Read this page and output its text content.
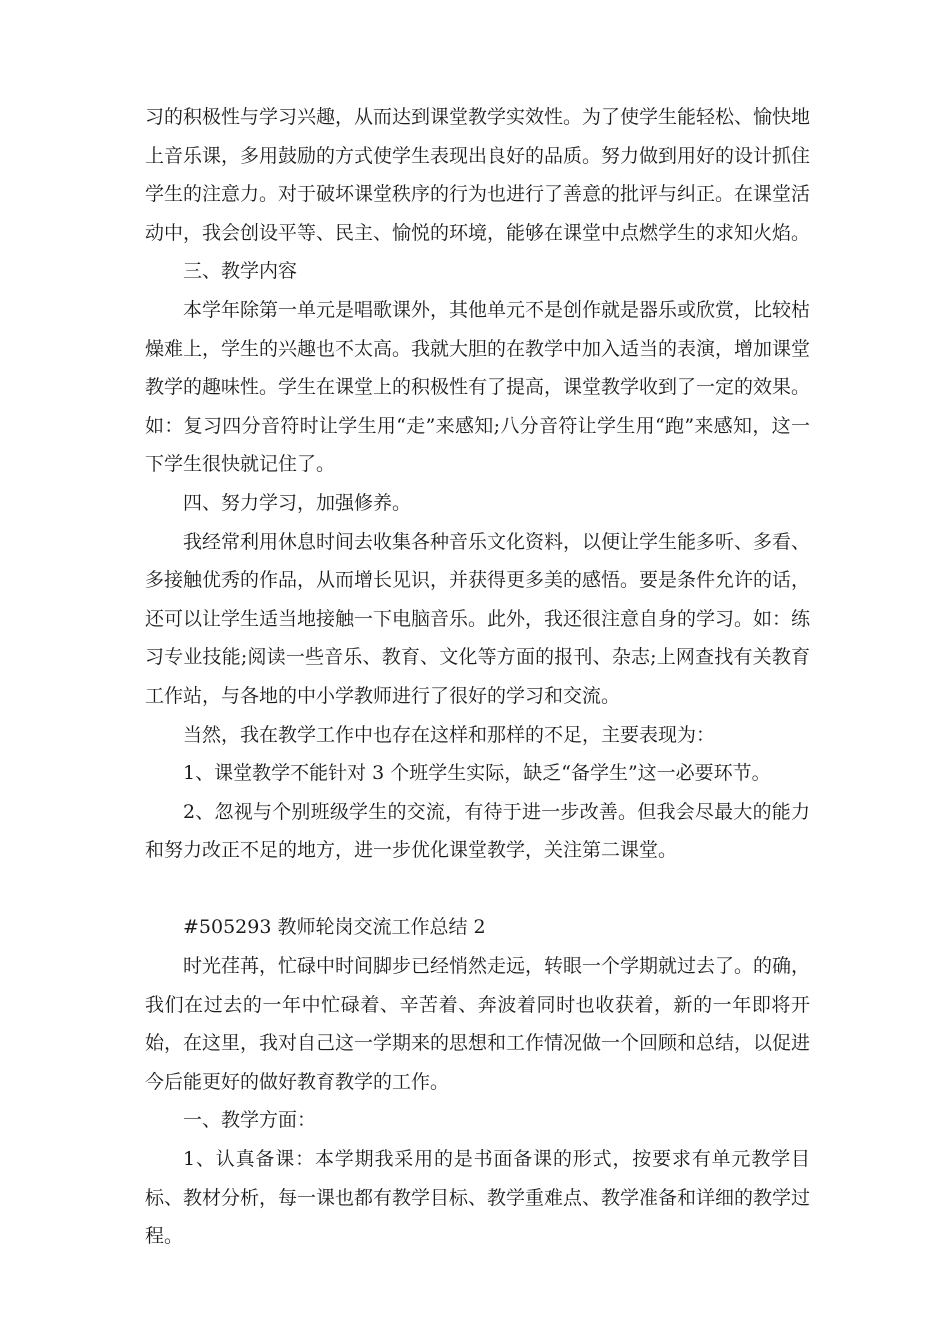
习的积极性与学习兴趣，从而达到课堂教学实效性。为了使学生能轻松、愉快地上音乐课，多用鼓励的方式使学生表现出良好的品质。努力做到用好的设计抓住学生的注意力。对于破坏课堂秩序的行为也进行了善意的批评与纠正。在课堂活动中，我会创设平等、民主、愉悦的环境，能够在课堂中点燃学生的求知火焰。

三、教学内容

本学年除第一单元是唱歌课外，其他单元不是创作就是器乐或欣赏，比较枯燥难上，学生的兴趣也不太高。我就大胆的在教学中加入适当的表演，增加课堂教学的趣味性。学生在课堂上的积极性有了提高，课堂教学收到了一定的效果。如：复习四分音符时让学生用“走”来感知;八分音符让学生用“跑”来感知，这一下学生很快就记住了。

四、努力学习，加强修养。

我经常利用休息时间去收集各种音乐文化资料，以便让学生能多听、多看、多接触优秀的作品，从而增长见识，并获得更多美的感悟。要是条件允许的话，还可以让学生适当地接触一下电脑音乐。此外，我还很注意自身的学习。如：练习专业技能;阅读一些音乐、教育、文化等方面的报刊、杂志;上网查找有关教育工作站，与各地的中小学教师进行了很好的学习和交流。

当然，我在教学工作中也存在这样和那样的不足，主要表现为：

1、课堂教学不能针对 3 个班学生实际，缺乏“备学生”这一必要环节。

2、忽视与个别班级学生的交流，有待于进一步改善。但我会尽最大的能力和努力改正不足的地方，进一步优化课堂教学，关注第二课堂。

#505293 教师轮岗交流工作总结 2

时光荏苒，忙碌中时间脚步已经悄然走远，转眼一个学期就过去了。的确，我们在过去的一年中忙碌着、辛苦着、奔波着同时也收获着，新的一年即将开始，在这里，我对自己这一学期来的思想和工作情况做一个回顾和总结，以促进今后能更好的做好教育教学的工作。

一、教学方面：

1、认真备课：本学期我采用的是书面备课的形式，按要求有单元教学目标、教材分析，每一课也都有教学目标、教学重难点、教学准备和详细的教学过程。
